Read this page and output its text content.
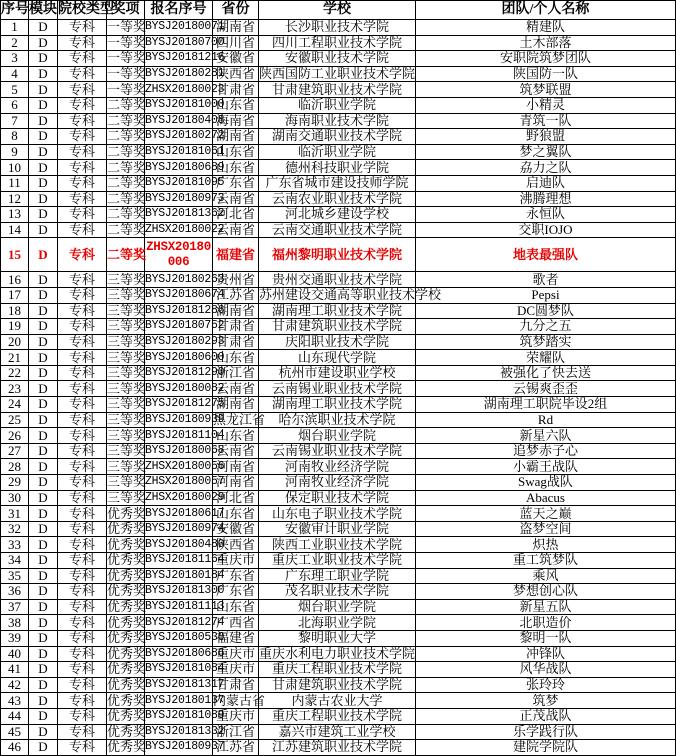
序号	模块	院校类型	奖项	报名序号	省份	学校	团队/个人名称
1	D	专科	一等奖	BYSJ20180071	湖南省	长沙职业技术学院	精建队
2	D	专科	一等奖	BYSJ20180700	四川省	四川工程职业技术学院	土木部落
3	D	专科	一等奖	BYSJ20181216	安徽省	安徽职业技术学院	安职院筑梦团队
4	D	专科	一等奖	BYSJ20180281	陕西省	陕西国防工业职业技术学院	陕国防一队
5	D	专科	一等奖	ZHSX20180023	甘肃省	甘肃建筑职业技术学院	筑梦联盟
6	D	专科	二等奖	BYSJ20181000	山东省	临沂职业学院	小精灵
7	D	专科	二等奖	BYSJ20180408	海南省	海南职业技术学院	青筑一队
8	D	专科	二等奖	BYSJ20180272	湖南省	湖南交通职业技术学院	野狼盟
9	D	专科	二等奖	BYSJ20181061	山东省	临沂职业学院	梦之翼队
10	D	专科	二等奖	BYSJ20180689	山东省	德州科技职业学院	劦力之队
11	D	专科	二等奖	BYSJ20181095	广东省	广东省城市建设技师学院	启迪队
12	D	专科	二等奖	BYSJ20180973	云南省	云南农业职业技术学院	沸腾理想
13	D	专科	二等奖	BYSJ20181362	河北省	河北城乡建设学校	永恒队
14	D	专科	二等奖	ZHSX20180022	云南省	云南交通职业技术学院	交职IOJO
15	D	专科	二等奖	ZHSX20180006	福建省	福州黎明职业技术学院	地表最强队
16	D	专科	三等奖	BYSJ20180263	贵州省	贵州交通职业技术学院	歌者
17	D	专科	三等奖	BYSJ20180674	江苏省	苏州建设交通高等职业技术学校	Pepsi
18	D	专科	三等奖	BYSJ20181286	湖南省	湖南理工职业技术学院	DC圆梦队
19	D	专科	三等奖	BYSJ20180752	甘肃省	甘肃建筑职业技术学院	九分之五
20	D	专科	三等奖	BYSJ20180293	甘肃省	庆阳职业技术学院	筑梦踏实
21	D	专科	三等奖	BYSJ20180600	山东省	山东现代学院	荣耀队
22	D	专科	三等奖	BYSJ20181290	浙江省	杭州市建设职业学校	被强化了快去送
23	D	专科	三等奖	BYSJ20180082	云南省	云南锡业职业技术学院	云锡爽歪歪
24	D	专科	三等奖	BYSJ20181275	湖南省	湖南理工职业技术学院	湖南理工职院毕设2组
25	D	专科	三等奖	BYSJ20180939	黑龙江省	哈尔滨职业技术学院	Rd
26	D	专科	三等奖	BYSJ20181104	山东省	烟台职业学院	新星六队
27	D	专科	三等奖	BYSJ20180068	云南省	云南锡业职业技术学院	追梦赤子心
28	D	专科	三等奖	ZHSX20180056	河南省	河南牧业经济学院	小霸王战队
29	D	专科	三等奖	ZHSX20180057	河南省	河南牧业经济学院	Swag战队
30	D	专科	三等奖	ZHSX20180029	河北省	保定职业技术学院	Abacus
31	D	专科	优秀奖	BYSJ20180617	山东省	山东电子职业技术学院	蓝天之巅
32	D	专科	优秀奖	BYSJ20180974	安徽省	安徽审计职业学院	盗梦空间
33	D	专科	优秀奖	BYSJ20180480	陕西省	陕西工业职业技术学院	炽热
34	D	专科	优秀奖	BYSJ20181164	重庆市	重庆工业职业技术学院	重工筑梦队
35	D	专科	优秀奖	BYSJ20180184	广东省	广东理工职业学院	乘风
36	D	专科	优秀奖	BYSJ20181300	广东省	茂名职业技术学院	梦想创心队
37	D	专科	优秀奖	BYSJ20181113	山东省	烟台职业学院	新星五队
38	D	专科	优秀奖	BYSJ20181274	广西省	北海职业学院	北职造价
39	D	专科	优秀奖	BYSJ20180530	福建省	黎明职业大学	黎明一队
40	D	专科	优秀奖	BYSJ20180686	重庆市	重庆水利电力职业技术学院	冲锋队
41	D	专科	优秀奖	BYSJ20181084	重庆市	重庆工程职业技术学院	风华战队
42	D	专科	优秀奖	BYSJ20181317	甘肃省	甘肃建筑职业技术学院	张玲玲
43	D	专科	优秀奖	BYSJ20180137	内蒙古省	内蒙古农业大学	筑梦
44	D	专科	优秀奖	BYSJ20181089	重庆市	重庆工程职业技术学院	正茂战队
45	D	专科	优秀奖	BYSJ20181332	浙江省	嘉兴市建筑工业学校	乐学践行队
46	D	专科	优秀奖	BYSJ20180937	江苏省	江苏建筑职业技术学院	建院学院队
